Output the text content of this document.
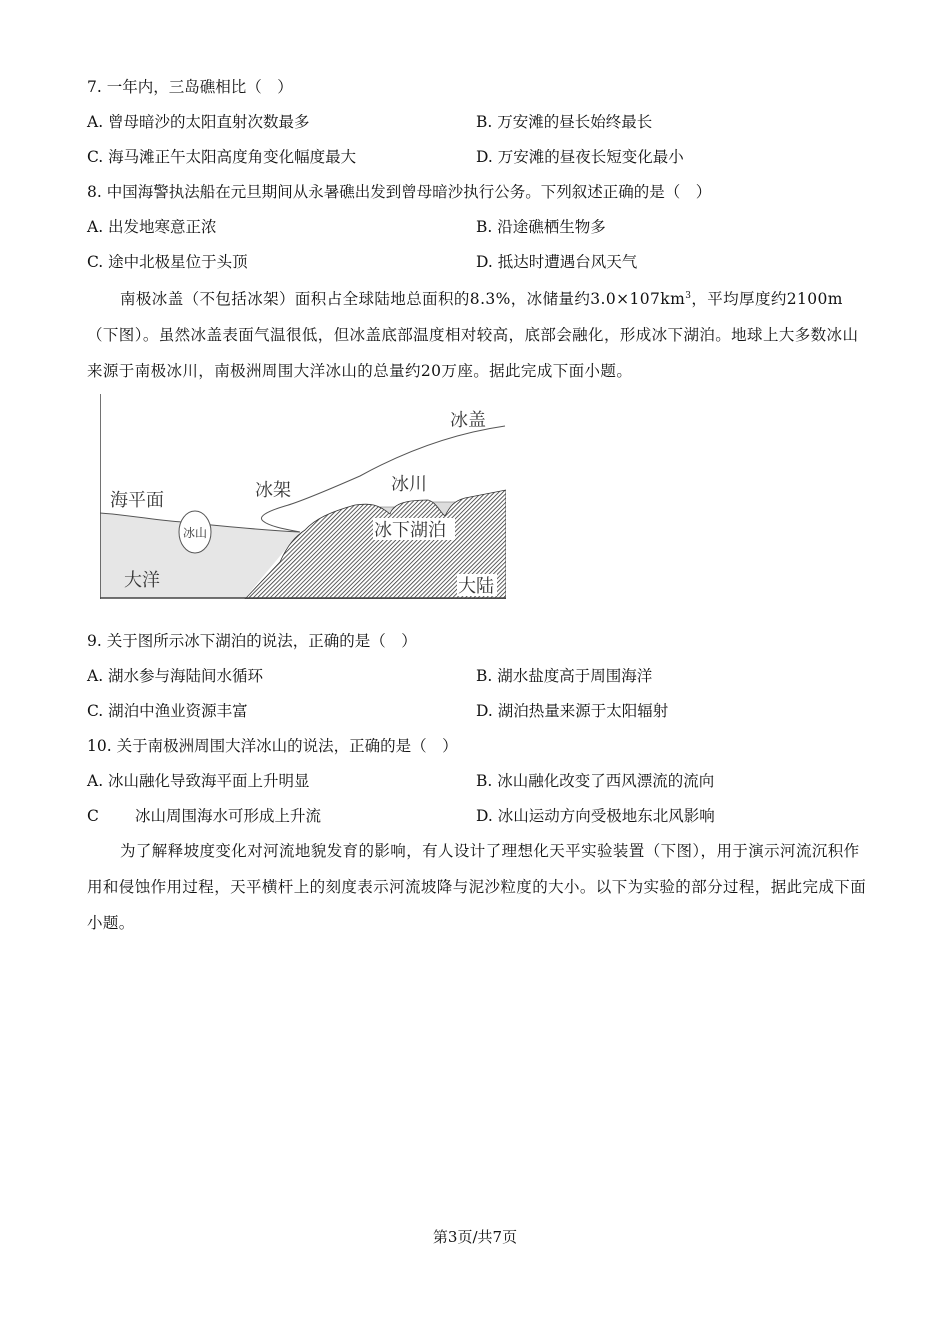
7. 一年内，三岛礁相比（　）
A. 曾母暗沙的太阳直射次数最多	B. 万安滩的昼长始终最长
C. 海马滩正午太阳高度角变化幅度最大	D. 万安滩的昼夜长短变化最小
8. 中国海警执法船在元旦期间从永暑礁出发到曾母暗沙执行公务。下列叙述正确的是（　）
A. 出发地寒意正浓	B. 沿途礁栖生物多
C. 途中北极星位于头顶	D. 抵达时遭遇台风天气
南极冰盖（不包括冰架）面积占全球陆地总面积的8.3%，冰储量约$3.0\times 107km^3$，平均厚度约2100m（下图）。虽然冰盖表面气温很低，但冰盖底部温度相对较高，底部会融化，形成冰下湖泊。地球上大多数冰山来源于南极冰川，南极洲周围大洋冰山的总量约20万座。据此完成下面小题。
冰盖
海平面	冰架	冰川
冰山	冰下湖泊
大洋	大陆
9. 关于图所示冰下湖泊的说法，正确的是（　）
A. 湖水参与海陆间水循环	B. 湖水盐度高于周围海洋
C. 湖泊中渔业资源丰富	D. 湖泊热量来源于太阳辐射
10. 关于南极洲周围大洋冰山的说法，正确的是（　）
A. 冰山融化导致海平面上升明显	B. 冰山融化改变了西风漂流的流向
C 冰山周围海水可形成上升流	D. 冰山运动方向受极地东北风影响
为了解释坡度变化对河流地貌发育的影响，有人设计了理想化天平实验装置（下图），用于演示河流沉积作用和侵蚀作用过程，天平横杆上的刻度表示河流坡降与泥沙粒度的大小。以下为实验的部分过程，据此完成下面小题。
第3页/共7页
